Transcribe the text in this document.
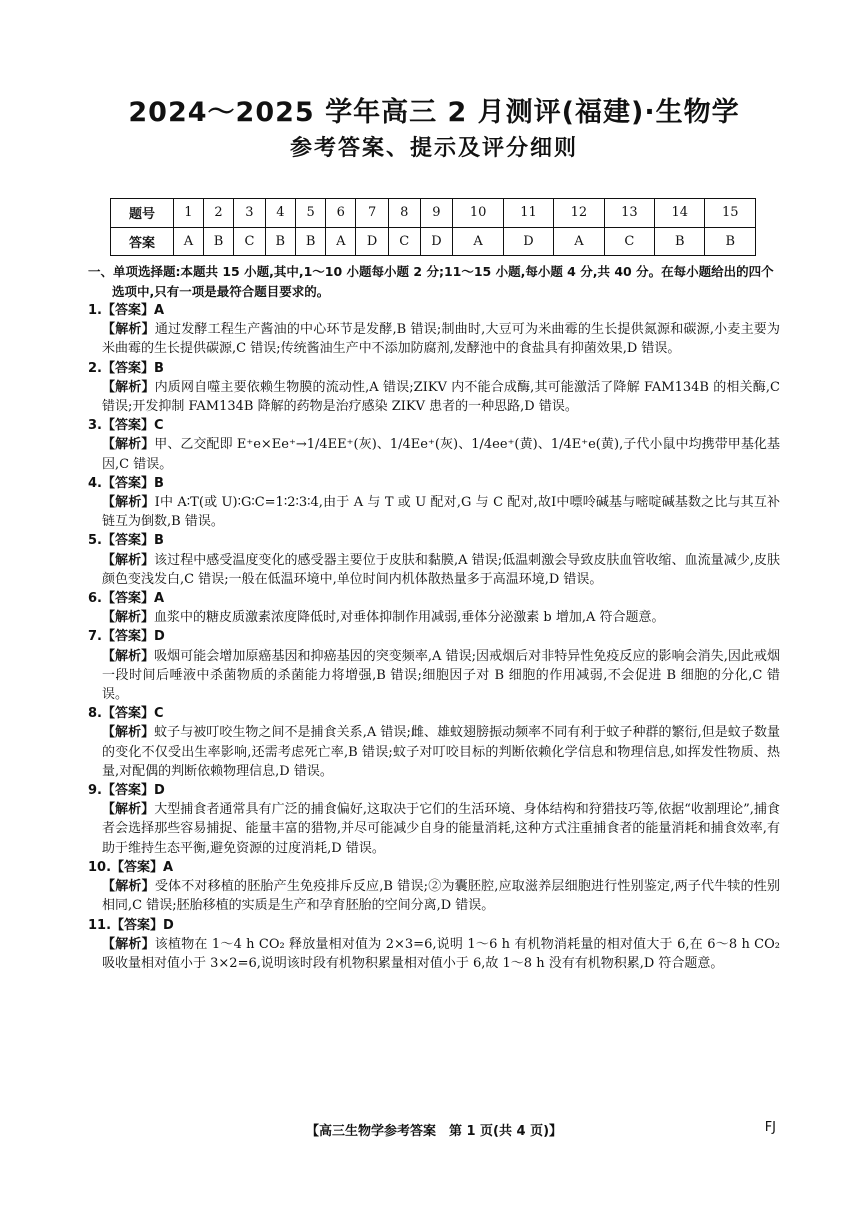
2024～2025 学年高三 2 月测评(福建)·生物学
参考答案、提示及评分细则
题号	1	2	3	4	5	6	7	8	9	10	11	12	13	14	15
答案	A	B	C	B	B	A	D	C	D	A	D	A	C	B	B
一、单项选择题:本题共 15 小题,其中,1～10 小题每小题 2 分;11～15 小题,每小题 4 分,共 40 分。在每小题给出的四个选项中,只有一项是最符合题目要求的。
1.【答案】A
【解析】通过发酵工程生产酱油的中心环节是发酵,B 错误;制曲时,大豆可为米曲霉的生长提供氮源和碳源,小麦主要为米曲霉的生长提供碳源,C 错误;传统酱油生产中不添加防腐剂,发酵池中的食盐具有抑菌效果,D 错误。
2.【答案】B
【解析】内质网自噬主要依赖生物膜的流动性,A 错误;ZIKV 内不能合成酶,其可能激活了降解 FAM134B 的相关酶,C 错误;开发抑制 FAM134B 降解的药物是治疗感染 ZIKV 患者的一种思路,D 错误。
3.【答案】C
【解析】甲、乙交配即 E⁺e×Ee⁺→1/4EE⁺(灰)、1/4Ee⁺(灰)、1/4ee⁺(黄)、1/4E⁺e(黄),子代小鼠中均携带甲基化基因,C 错误。
4.【答案】B
【解析】Ⅰ中 A∶T(或 U)∶G∶C=1∶2∶3∶4,由于 A 与 T 或 U 配对,G 与 C 配对,故Ⅰ中嘌呤碱基与嘧啶碱基数之比与其互补链互为倒数,B 错误。
5.【答案】B
【解析】该过程中感受温度变化的感受器主要位于皮肤和黏膜,A 错误;低温刺激会导致皮肤血管收缩、血流量减少,皮肤颜色变浅发白,C 错误;一般在低温环境中,单位时间内机体散热量多于高温环境,D 错误。
6.【答案】A
【解析】血浆中的糖皮质激素浓度降低时,对垂体抑制作用减弱,垂体分泌激素 b 增加,A 符合题意。
7.【答案】D
【解析】吸烟可能会增加原癌基因和抑癌基因的突变频率,A 错误;因戒烟后对非特异性免疫反应的影响会消失,因此戒烟一段时间后唾液中杀菌物质的杀菌能力将增强,B 错误;细胞因子对 B 细胞的作用减弱,不会促进 B 细胞的分化,C 错误。
8.【答案】C
【解析】蚊子与被叮咬生物之间不是捕食关系,A 错误;雌、雄蚊翅膀振动频率不同有利于蚊子种群的繁衍,但是蚊子数量的变化不仅受出生率影响,还需考虑死亡率,B 错误;蚊子对叮咬目标的判断依赖化学信息和物理信息,如挥发性物质、热量,对配偶的判断依赖物理信息,D 错误。
9.【答案】D
【解析】大型捕食者通常具有广泛的捕食偏好,这取决于它们的生活环境、身体结构和狩猎技巧等,依据“收割理论”,捕食者会选择那些容易捕捉、能量丰富的猎物,并尽可能减少自身的能量消耗,这种方式注重捕食者的能量消耗和捕食效率,有助于维持生态平衡,避免资源的过度消耗,D 错误。
10.【答案】A
【解析】受体不对移植的胚胎产生免疫排斥反应,B 错误;②为囊胚腔,应取滋养层细胞进行性别鉴定,两子代牛犊的性别相同,C 错误;胚胎移植的实质是生产和孕育胚胎的空间分离,D 错误。
11.【答案】D
【解析】该植物在 1～4 h CO₂ 释放量相对值为 2×3=6,说明 1～6 h 有机物消耗量的相对值大于 6,在 6～8 h CO₂ 吸收量相对值小于 3×2=6,说明该时段有机物积累量相对值小于 6,故 1～8 h 没有有机物积累,D 符合题意。
【高三生物学参考答案　第 1 页(共 4 页)】	FJ
